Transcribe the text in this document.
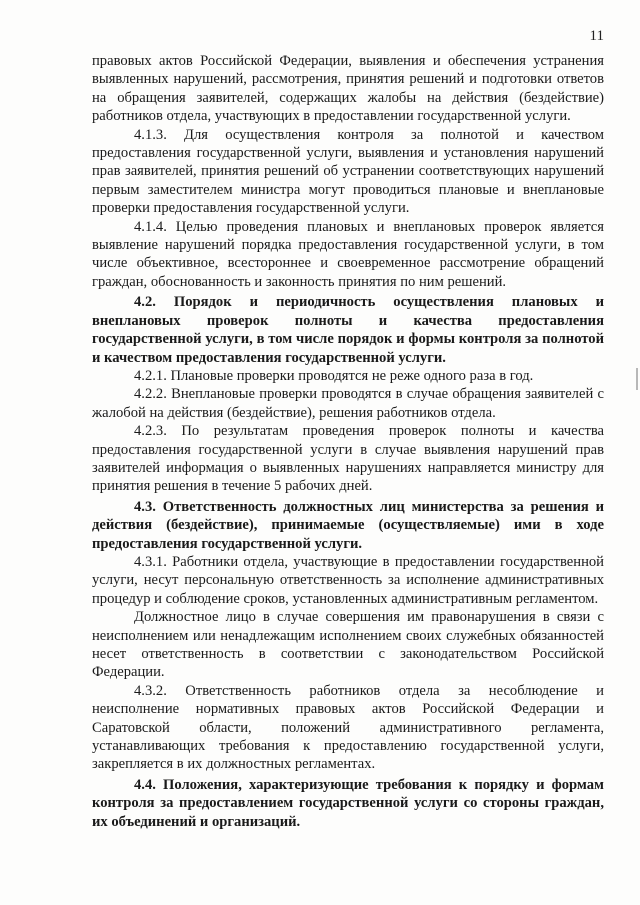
11

правовых актов Российской Федерации, выявления и обеспечения устранения выявленных нарушений, рассмотрения, принятия решений и подготовки ответов на обращения заявителей, содержащих жалобы на действия (бездействие) работников отдела, участвующих в предоставлении государственной услуги.

4.1.3. Для осуществления контроля за полнотой и качеством предоставления государственной услуги, выявления и установления нарушений прав заявителей, принятия решений об устранении соответствующих нарушений первым заместителем министра могут проводиться плановые и внеплановые проверки предоставления государственной услуги.

4.1.4. Целью проведения плановых и внеплановых проверок является выявление нарушений порядка предоставления государственной услуги, в том числе объективное, всестороннее и своевременное рассмотрение обращений граждан, обоснованность и законность принятия по ним решений.

4.2. Порядок и периодичность осуществления плановых и внеплановых проверок полноты и качества предоставления государственной услуги, в том числе порядок и формы контроля за полнотой и качеством предоставления государственной услуги.

4.2.1. Плановые проверки проводятся не реже одного раза в год.

4.2.2. Внеплановые проверки проводятся в случае обращения заявителей с жалобой на действия (бездействие), решения работников отдела.

4.2.3. По результатам проведения проверок полноты и качества предоставления государственной услуги в случае выявления нарушений прав заявителей информация о выявленных нарушениях направляется министру для принятия решения в течение 5 рабочих дней.

4.3. Ответственность должностных лиц министерства за решения и действия (бездействие), принимаемые (осуществляемые) ими в ходе предоставления государственной услуги.

4.3.1. Работники отдела, участвующие в предоставлении государственной услуги, несут персональную ответственность за исполнение административных процедур и соблюдение сроков, установленных административным регламентом.

Должностное лицо в случае совершения им правонарушения в связи с неисполнением или ненадлежащим исполнением своих служебных обязанностей несет ответственность в соответствии с законодательством Российской Федерации.

4.3.2. Ответственность работников отдела за несоблюдение и неисполнение нормативных правовых актов Российской Федерации и Саратовской области, положений административного регламента, устанавливающих требования к предоставлению государственной услуги, закрепляется в их должностных регламентах.

4.4. Положения, характеризующие требования к порядку и формам контроля за предоставлением государственной услуги со стороны граждан, их объединений и организаций.
